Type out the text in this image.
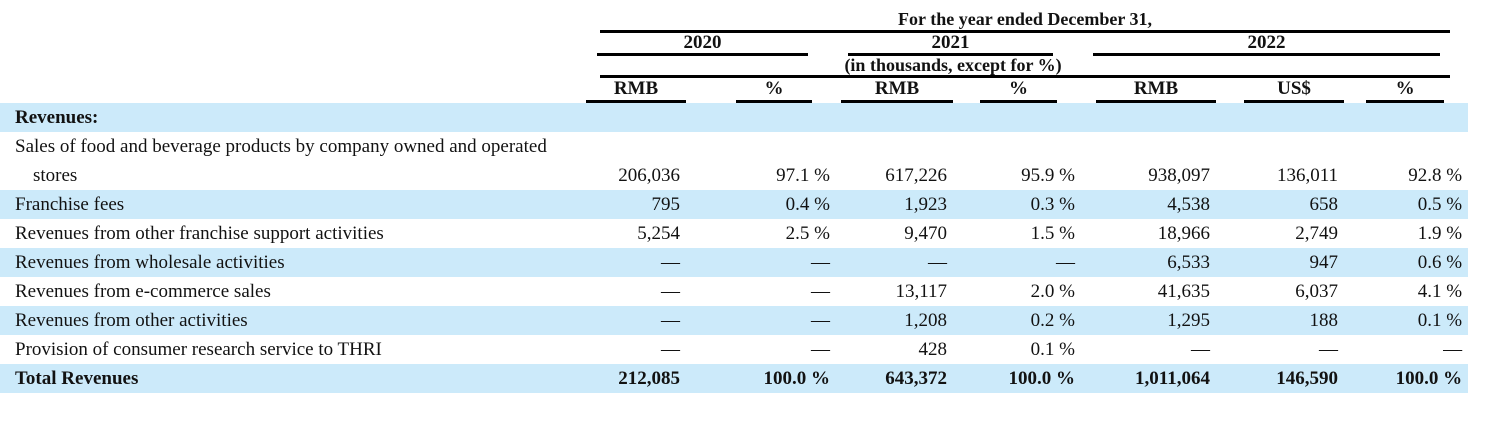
	For the year ended December 31,						

	2020		2021		2022		

	(in thousands, except for %)						

	RMB	%	RMB	%	RMB	US$	%

Revenues:							
Sales of food and beverage products by company owned and operated stores	206,036	97.1 %	617,226	95.9 %	938,097	136,011	92.8 %
Franchise fees	795	0.4 %	1,923	0.3 %	4,538	658	0.5 %
Revenues from other franchise support activities	5,254	2.5 %	9,470	1.5 %	18,966	2,749	1.9 %
Revenues from wholesale activities	—	—	—	—	6,533	947	0.6 %
Revenues from e-commerce sales	—	—	13,117	2.0 %	41,635	6,037	4.1 %
Revenues from other activities	—	—	1,208	0.2 %	1,295	188	0.1 %
Provision of consumer research service to THRI	—	—	428	0.1 %	—	—	—
Total Revenues	212,085	100.0 %	643,372	100.0 %	1,011,064	146,590	100.0 %
